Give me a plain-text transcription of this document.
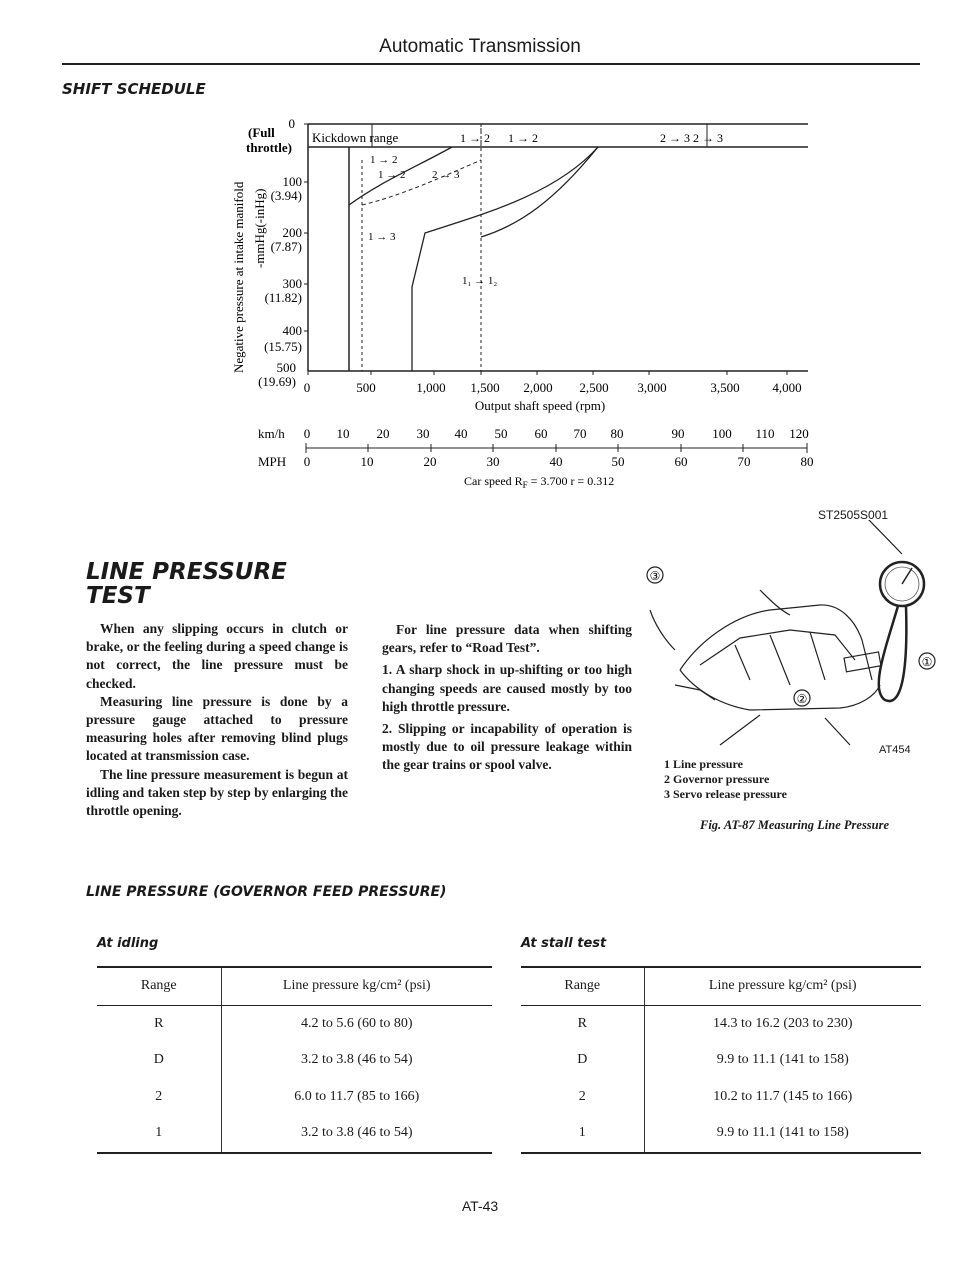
Automatic Transmission
SHIFT SCHEDULE
0
(Full
throttle)
100
(3.94)
200
(7.87)
300
(11.82)
400
(15.75)
500
(19.69)
Negative pressure at intake manifold -mmHg(-inHg)
Kickdown range	1 → 2 1 → 2	2 → 3 2 → 3
1 → 2
1 → 2 2 → 3
1 → 3
1₁ → 1₂
0	500	1,000 1,500 2,000 2,500 3,000	3,500	4,000
Output shaft speed (rpm)
km/h 0 10 20 30 40 50 60 70 80	90 100 110 120
MPH 0	10	20	30	40	50	60	70	80
Car speed $R_F = 3.700$ r = 0.312
LINE PRESSURE
TEST

When any slipping occurs in clutch or brake, or the feeling during a speed change is not correct, the line pressure must be checked.

Measuring line pressure is done by a pressure gauge attached to pressure measuring holes after removing blind plugs located at transmission case.

The line pressure measurement is begun at idling and taken step by step by enlarging the throttle opening.

For line pressure data when shifting gears, refer to “Road Test”.

1. A sharp shock in up-shifting or too high changing speeds are caused mostly by too high throttle pressure.

2. Slipping or incapability of operation is mostly due to oil pressure leakage within the gear trains or spool valve.

ST2505S001
③
②
①
AT454
1 Line pressure
2 Governor pressure
3 Servo release pressure
Fig. AT-87 Measuring Line Pressure
LINE PRESSURE (GOVERNOR FEED PRESSURE)
At idling	At stall test
Range	Line pressure kg/cm² (psi)
R	4.2 to 5.6 (60 to 80)
D	3.2 to 3.8 (46 to 54)
2	6.0 to 11.7 (85 to 166)
1	3.2 to 3.8 (46 to 54)
Range	Line pressure kg/cm² (psi)
R	14.3 to 16.2 (203 to 230)
D	9.9 to 11.1 (141 to 158)
2	10.2 to 11.7 (145 to 166)
1	9.9 to 11.1 (141 to 158)
AT-43
